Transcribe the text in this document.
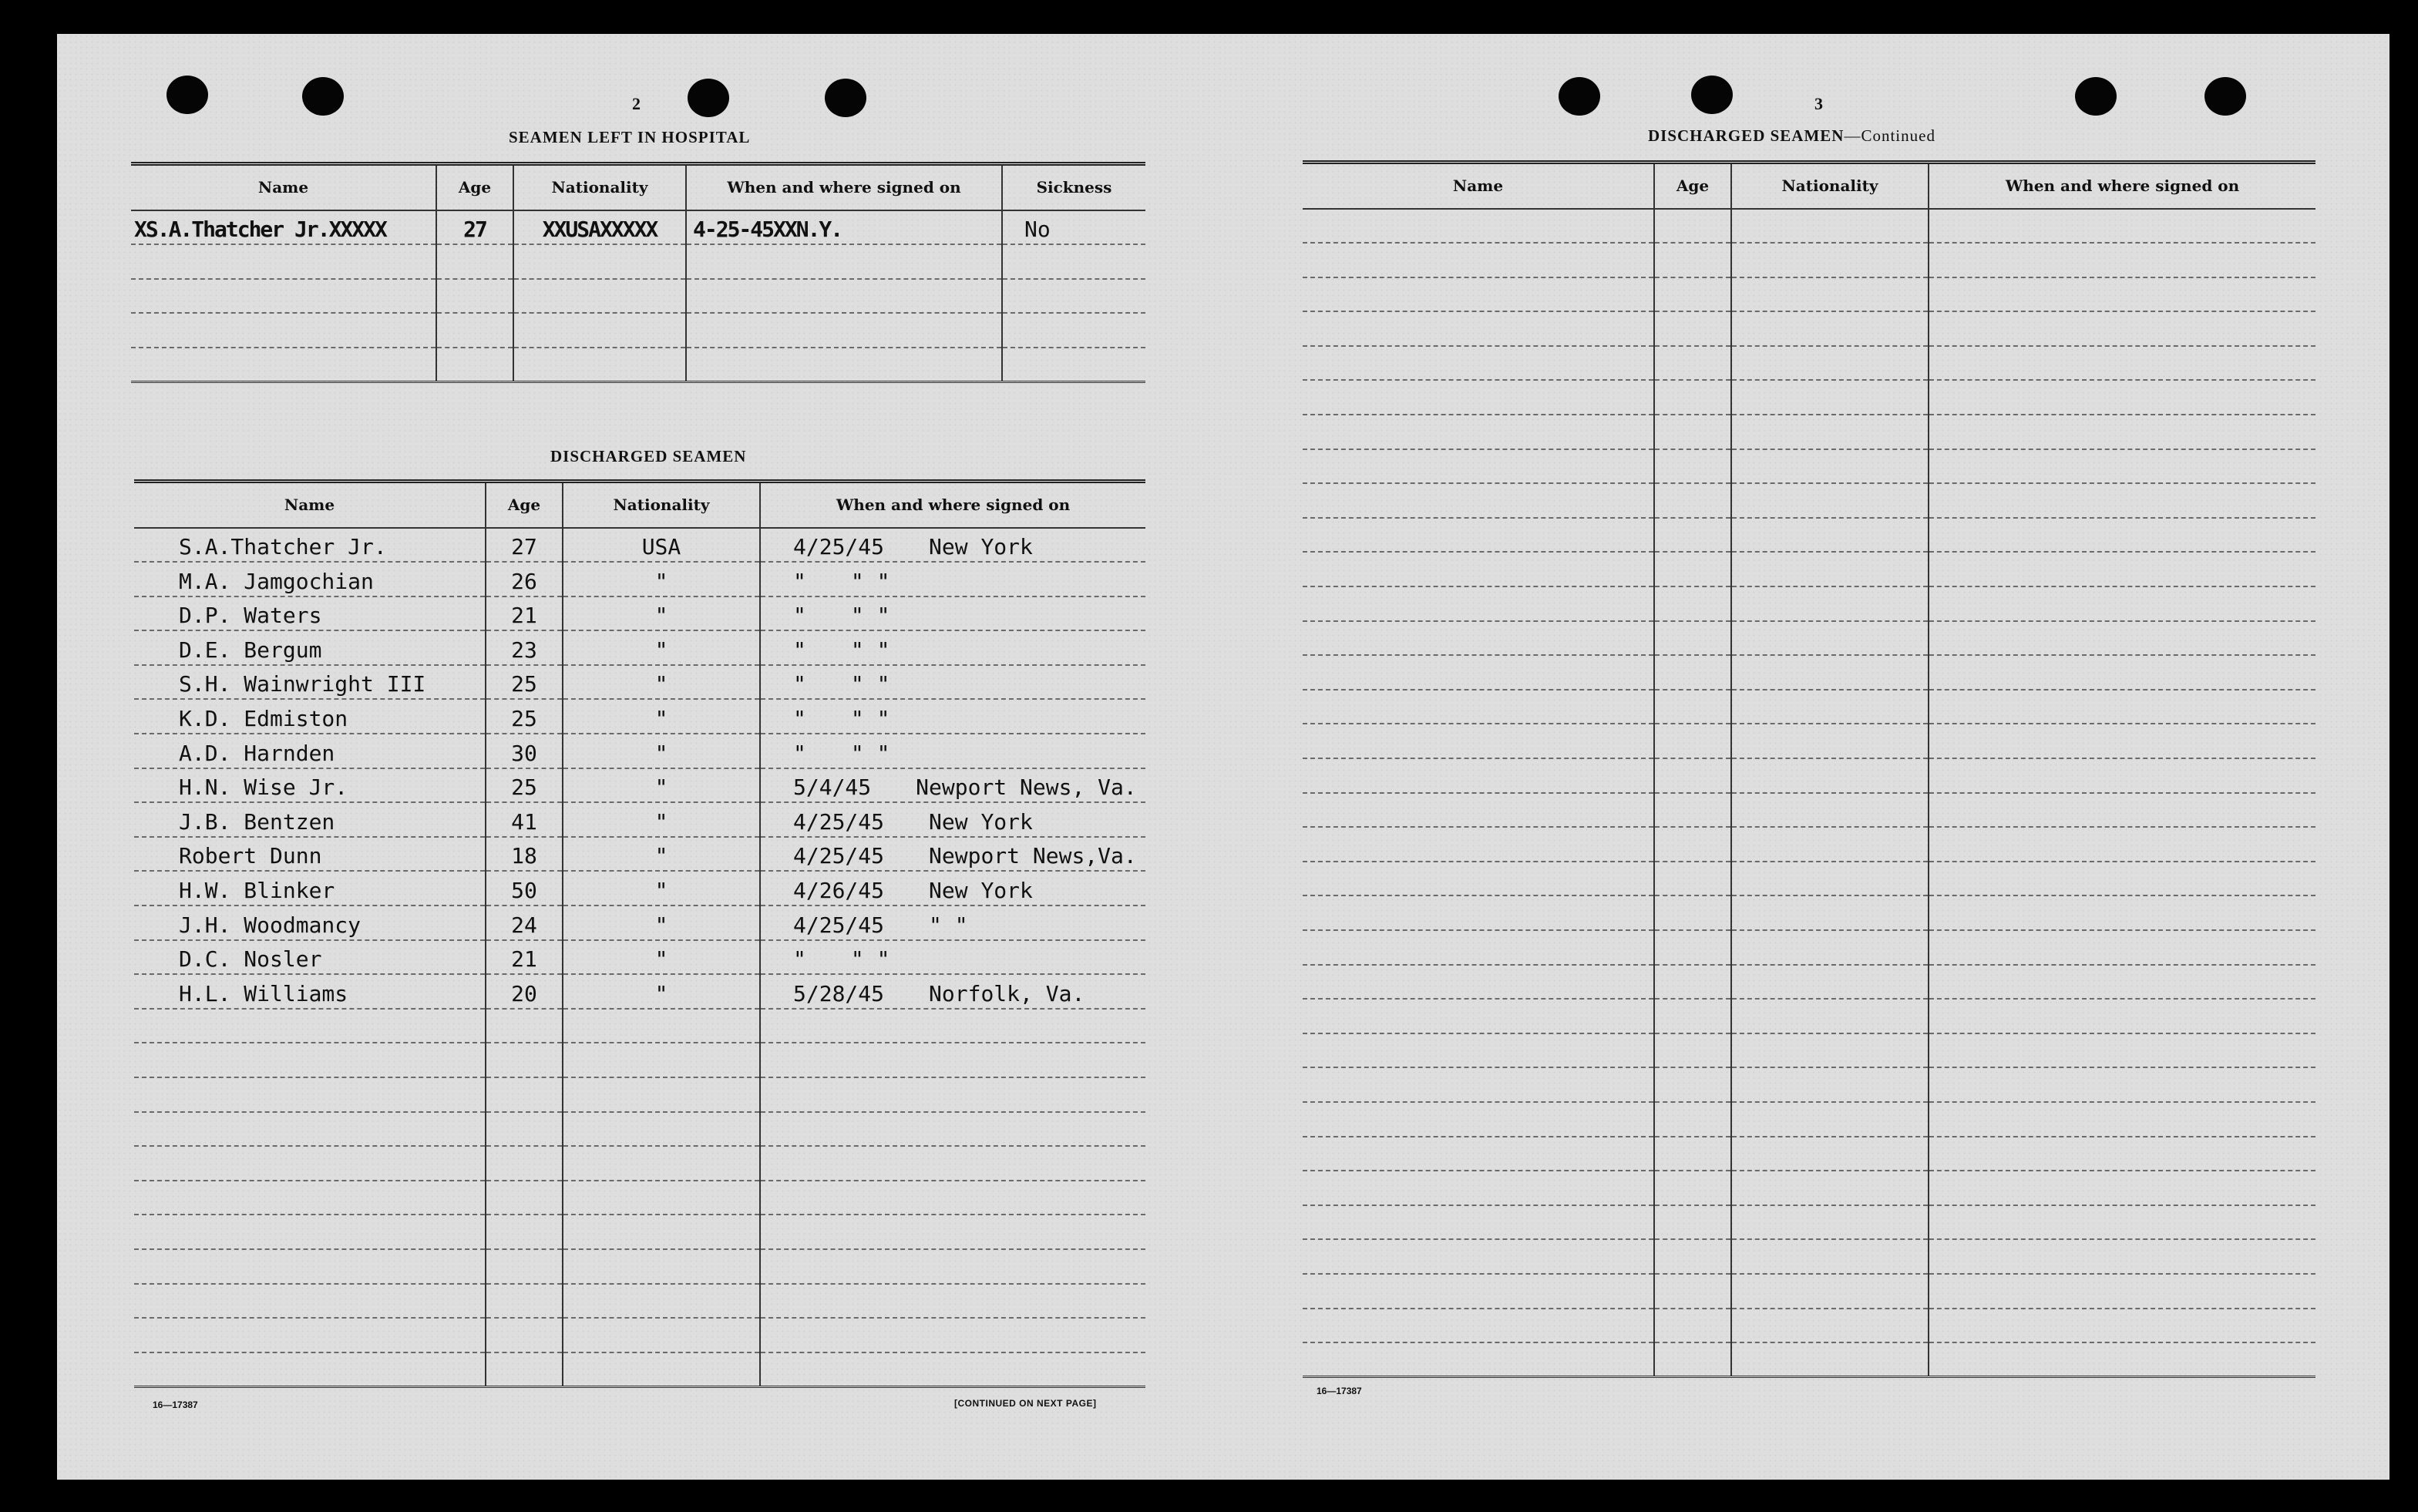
2
SEAMEN LEFT IN HOSPITAL
Name	Age	Nationality	When and where signed on	Sickness
XS.A.Thatcher Jr.XXXXX	27	XXUSAXXXXX	4-25-45XXN.Y.	No

DISCHARGED SEAMEN
Name	Age	Nationality	When and where signed on
S.A.Thatcher Jr.	27	USA	4/25/45 New York
M.A. Jamgochian	26	"	" " "
D.P. Waters	21	"	" " "
D.E. Bergum	23	"	" " "
S.H. Wainwright III	25	"	" " "
K.D. Edmiston	25	"	" " "
A.D. Harnden	30	"	" " "
H.N. Wise Jr.	25	"	5/4/45 Newport News, Va.
J.B. Bentzen	41	"	4/25/45 New York
Robert Dunn	18	"	4/25/45 Newport News,Va.
H.W. Blinker	50	"	4/26/45 New York
J.H. Woodmancy	24	"	4/25/45 " "
D.C. Nosler	21	"	" " "
H.L. Williams	20	"	5/28/45 Norfolk, Va.

16—17387	[CONTINUED ON NEXT PAGE]
3
DISCHARGED SEAMEN—Continued
Name	Age	Nationality	When and where signed on

16—17387
